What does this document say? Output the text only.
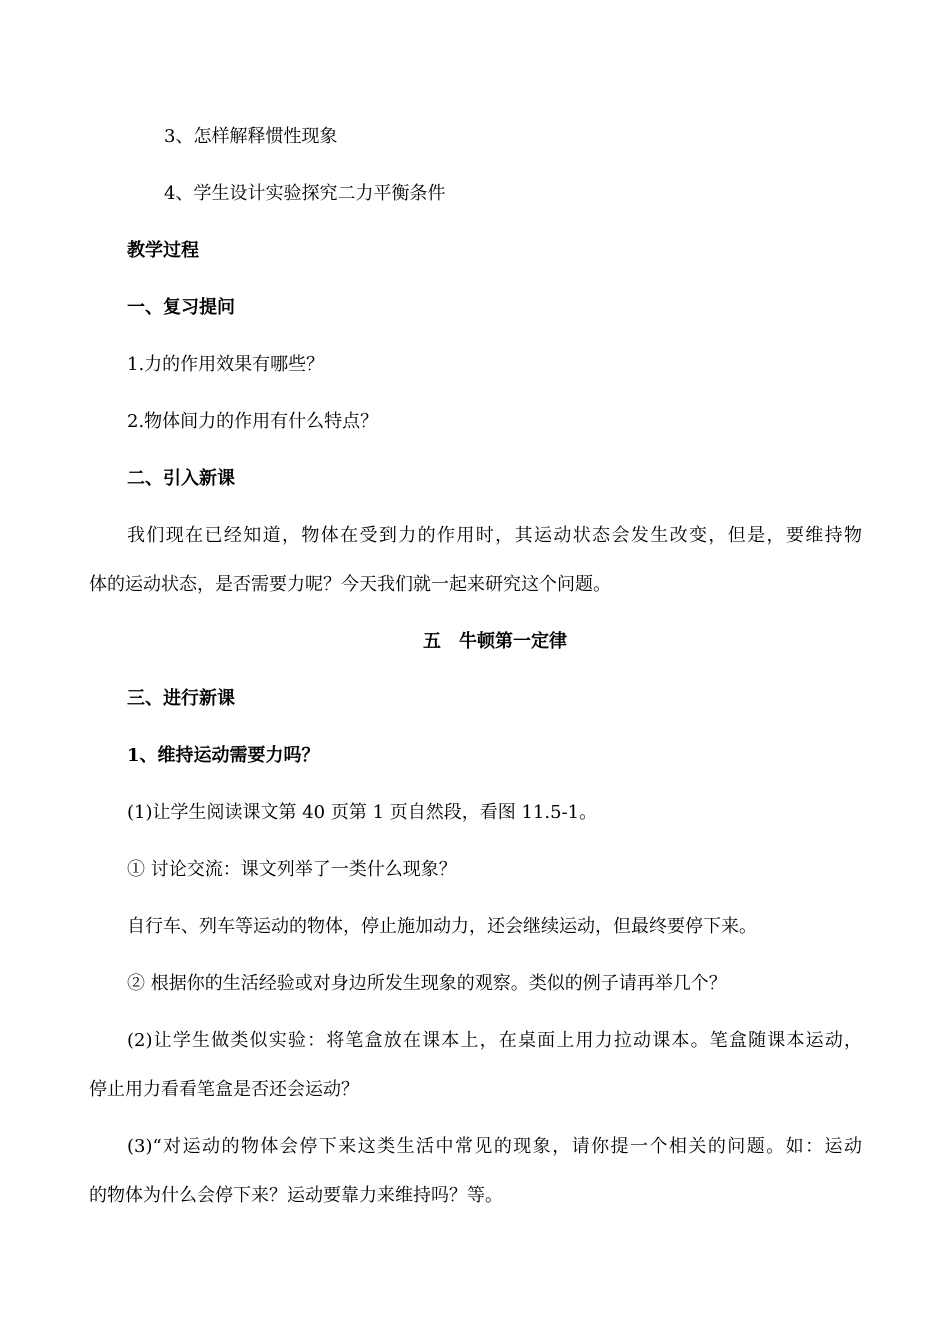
3、怎样解释惯性现象
4、学生设计实验探究二力平衡条件
教学过程
一、复习提问
1.力的作用效果有哪些？
2.物体间力的作用有什么特点？
二、引入新课
我们现在已经知道，物体在受到力的作用时，其运动状态会发生改变，但是，要维持物
体的运动状态，是否需要力呢？今天我们就一起来研究这个问题。
五　牛顿第一定律
三、进行新课
1、维持运动需要力吗？
(1)让学生阅读课文第 40 页第 1 页自然段，看图 11.5-1。
① 讨论交流：课文列举了一类什么现象？
自行车、列车等运动的物体，停止施加动力，还会继续运动，但最终要停下来。
② 根据你的生活经验或对身边所发生现象的观察。类似的例子请再举几个？
(2)让学生做类似实验：将笔盒放在课本上，在桌面上用力拉动课本。笔盒随课本运动，
停止用力看看笔盒是否还会运动？
(3)“对运动的物体会停下来这类生活中常见的现象，请你提一个相关的问题。如：运动
的物体为什么会停下来？运动要靠力来维持吗？等。
